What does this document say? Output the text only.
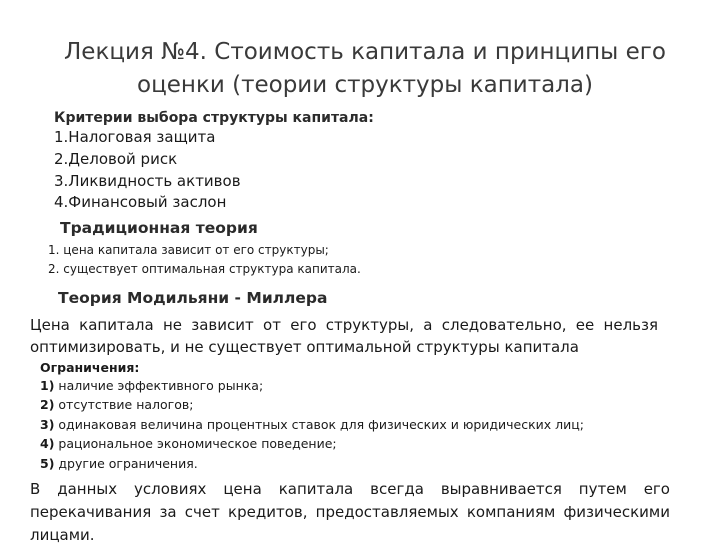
Лекция №4. Стоимость капитала и принципы его
оценки (теории структуры капитала)
Критерии выбора структуры капитала:
1.Налоговая защита
2.Деловой риск
3.Ликвидность активов
4.Финансовый заслон
Традиционная теория
1. цена капитала зависит от его структуры;
2. существует оптимальная структура капитала.
Теория Модильяни - Миллера
Цена капитала не зависит от его структуры, а следовательно, ее нельзя оптимизировать, и не существует оптимальной структуры капитала
Ограничения:
1) наличие эффективного рынка;
2) отсутствие налогов;
3) одинаковая величина процентных ставок для физических и юридических лиц;
4) рациональное экономическое поведение;
5) другие ограничения.
В данных условиях цена капитала всегда выравнивается путем его перекачивания за счет кредитов, предоставляемых компаниям физическими лицами.
